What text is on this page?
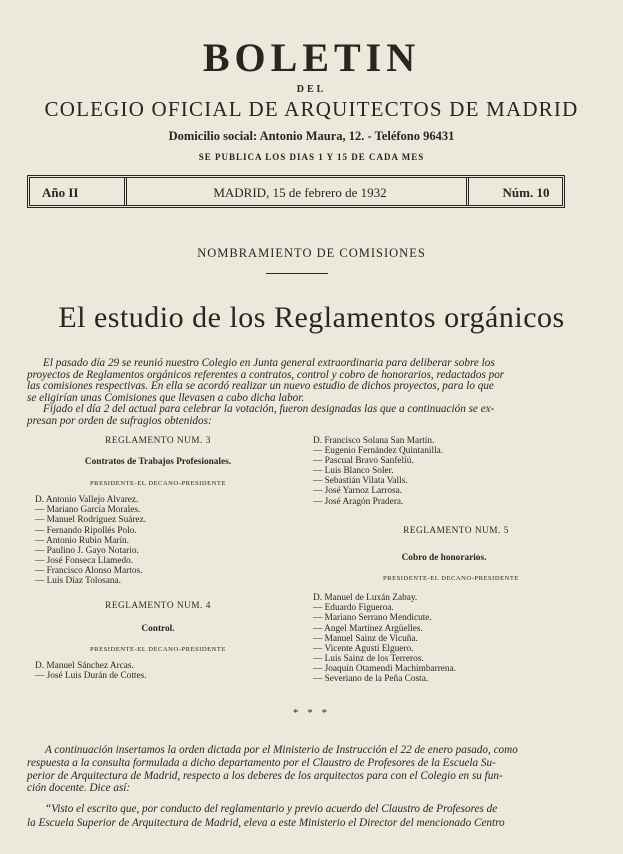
BOLETIN
DEL
COLEGIO OFICIAL DE ARQUITECTOS DE MADRID
Domicilio social: Antonio Maura, 12. - Teléfono 96431
SE PUBLICA LOS DIAS 1 Y 15 DE CADA MES
Año II	MADRID, 15 de febrero de 1932	Núm. 10
NOMBRAMIENTO DE COMISIONES
El estudio de los Reglamentos orgánicos
El pasado día 29 se reunió nuestro Colegio en Junta general extraordinaria para deliberar sobre los
proyectos de Reglamentos orgánicos referentes a contratos, control y cobro de honorarios, redactados por
las comisiones respectivas. En ella se acordó realizar un nuevo estudio de dichos proyectos, para lo que
se eligirían unas Comisiones que llevasen a cabo dicha labor.
Fijado el día 2 del actual para celebrar la votación, fueron designadas las que a continuación se ex-
presan por orden de sufragios obtenidos:
REGLAMENTO NUM. 3
Contratos de Trabajos Profesionales.
PRESIDENTE-EL DECANO-PRESIDENTE
D. Antonio Vallejo Alvarez.
— Mariano García Morales.
— Manuel Rodríguez Suárez.
— Fernando Ripollés Polo.
— Antonio Rubio Marín.
— Paulino J. Gayo Notario.
— José Fonseca Llamedo.
— Francisco Alonso Martos.
— Luis Díaz Tolosana.
REGLAMENTO NUM. 4
Control.
PRESIDENTE-EL DECANO-PRESIDENTE
D. Manuel Sánchez Arcas.
— José Luis Durán de Cottes.
D. Francisco Solana San Martín.
— Eugenio Fernández Quintanilla.
— Pascual Bravo Sanfelíú.
— Luis Blanco Soler.
— Sebastián Vilata Valls.
— José Yarnoz Larrosa.
— José Aragón Pradera.
REGLAMENTO NUM. 5
Cobro de honorarios.
PRESIDENTE-EL DECANO-PRESIDENTE
D. Manuel de Luxán Zabay.
— Eduardo Figueroa.
— Mariano Serrano Mendicute.
— Angel Martínez Argüelles.
— Manuel Sainz de Vicuña.
— Vicente Agustí Elguero.
— Luis Sainz de los Terreros.
— Joaquín Otamendi Machimbarrena.
— Severiano de la Peña Costa.
* * *
A continuación insertamos la orden dictada por el Ministerio de Instrucción el 22 de enero pasado, como
respuesta a la consulta formulada a dicho departamento por el Claustro de Profesores de la Escuela Su-
perior de Arquitectura de Madrid, respecto a los deberes de los arquitectos para con el Colegio en su fun-
ción docente. Dice así:
“Visto el escrito que, por conducto del reglamentario y previo acuerdo del Claustro de Profesores de
la Escuela Superior de Arquitectura de Madrid, eleva a este Ministerio el Director del mencionado Centro
